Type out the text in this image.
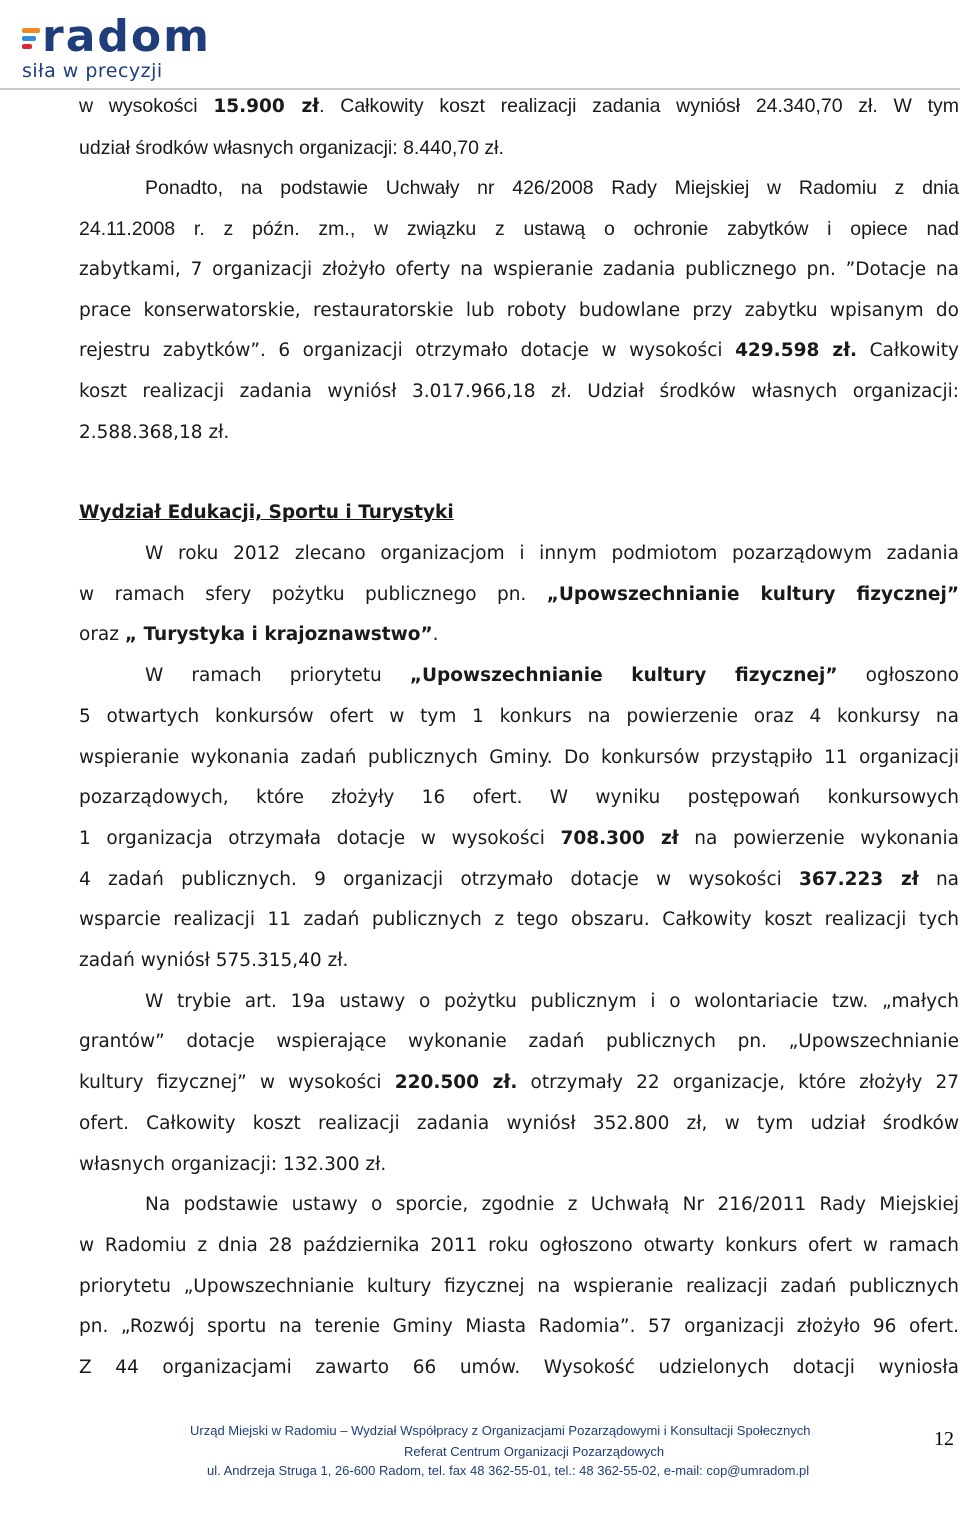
radom
siła w precyzji
w wysokości 15.900 zł. Całkowity koszt realizacji zadania wyniósł 24.340,70 zł. W tym
udział środków własnych organizacji: 8.440,70 zł.
Ponadto, na podstawie Uchwały nr 426/2008 Rady Miejskiej w Radomiu z dnia
24.11.2008 r. z późn. zm., w związku z ustawą o ochronie zabytków i opiece nad
zabytkami, 7 organizacji złożyło oferty na wspieranie zadania publicznego pn. ”Dotacje na
prace konserwatorskie, restauratorskie lub roboty budowlane przy zabytku wpisanym do
rejestru zabytków”. 6 organizacji otrzymało dotacje w wysokości 429.598 zł. Całkowity
koszt realizacji zadania wyniósł 3.017.966,18 zł. Udział środków własnych organizacji:
2.588.368,18 zł.
Wydział Edukacji, Sportu i Turystyki
W roku 2012 zlecano organizacjom i innym podmiotom pozarządowym zadania
w ramach sfery pożytku publicznego pn. „Upowszechnianie kultury fizycznej”
oraz „ Turystyka i krajoznawstwo”.
W ramach priorytetu „Upowszechnianie kultury fizycznej” ogłoszono
5 otwartych konkursów ofert w tym 1 konkurs na powierzenie oraz 4 konkursy na
wspieranie wykonania zadań publicznych Gminy. Do konkursów przystąpiło 11 organizacji
pozarządowych, które złożyły 16 ofert. W wyniku postępowań konkursowych
1 organizacja otrzymała dotacje w wysokości 708.300 zł na powierzenie wykonania
4 zadań publicznych. 9 organizacji otrzymało dotacje w wysokości 367.223 zł na
wsparcie realizacji 11 zadań publicznych z tego obszaru. Całkowity koszt realizacji tych
zadań wyniósł 575.315,40 zł.
W trybie art. 19a ustawy o pożytku publicznym i o wolontariacie tzw. „małych
grantów” dotacje wspierające wykonanie zadań publicznych pn. „Upowszechnianie
kultury fizycznej” w wysokości 220.500 zł. otrzymały 22 organizacje, które złożyły 27
ofert. Całkowity koszt realizacji zadania wyniósł 352.800 zł, w tym udział środków
własnych organizacji: 132.300 zł.
Na podstawie ustawy o sporcie, zgodnie z Uchwałą Nr 216/2011 Rady Miejskiej
w Radomiu z dnia 28 października 2011 roku ogłoszono otwarty konkurs ofert w ramach
priorytetu „Upowszechnianie kultury fizycznej na wspieranie realizacji zadań publicznych
pn. „Rozwój sportu na terenie Gminy Miasta Radomia”. 57 organizacji złożyło 96 ofert.
Z 44 organizacjami zawarto 66 umów. Wysokość udzielonych dotacji wyniosła
Urząd Miejski w Radomiu – Wydział Współpracy z Organizacjami Pozarządowymi i Konsultacji Społecznych
Referat Centrum Organizacji Pozarządowych
ul. Andrzeja Struga 1, 26-600 Radom, tel. fax 48 362-55-01, tel.: 48 362-55-02, e-mail: cop@umradom.pl
12
